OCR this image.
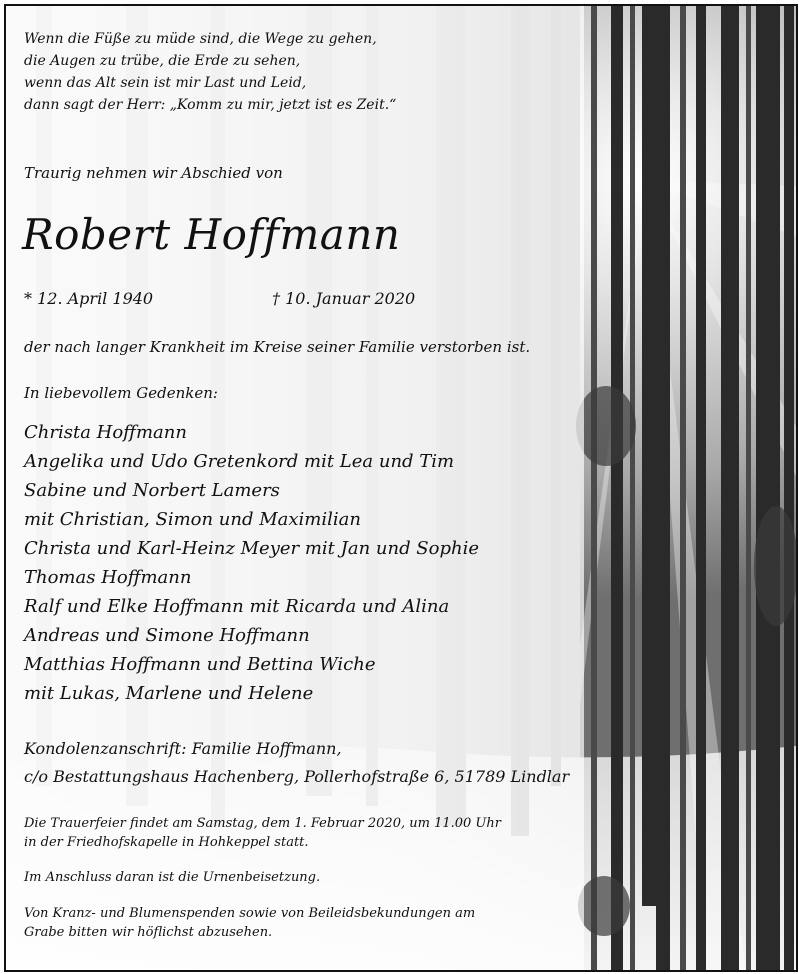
Wenn die Füße zu müde sind, die Wege zu gehen,
die Augen zu trübe, die Erde zu sehen,
wenn das Alt sein ist mir Last und Leid,
dann sagt der Herr: „Komm zu mir, jetzt ist es Zeit.“
Traurig nehmen wir Abschied von
Robert Hoffmann
* 12. April 1940	† 10. Januar 2020
der nach langer Krankheit im Kreise seiner Familie verstorben ist.
In liebevollem Gedenken:
Christa Hoffmann
Angelika und Udo Gretenkord mit Lea und Tim
Sabine und Norbert Lamers
mit Christian, Simon und Maximilian
Christa und Karl-Heinz Meyer mit Jan und Sophie
Thomas Hoffmann
Ralf und Elke Hoffmann mit Ricarda und Alina
Andreas und Simone Hoffmann
Matthias Hoffmann und Bettina Wiche
mit Lukas, Marlene und Helene
Kondolenzanschrift: Familie Hoffmann,
c/o Bestattungshaus Hachenberg, Pollerhofstraße 6, 51789 Lindlar
Die Trauerfeier findet am Samstag, dem 1. Februar 2020, um 11.00 Uhr
in der Friedhofskapelle in Hohkeppel statt.
Im Anschluss daran ist die Urnenbeisetzung.
Von Kranz- und Blumenspenden sowie von Beileidsbekundungen am
Grabe bitten wir höflichst abzusehen.
